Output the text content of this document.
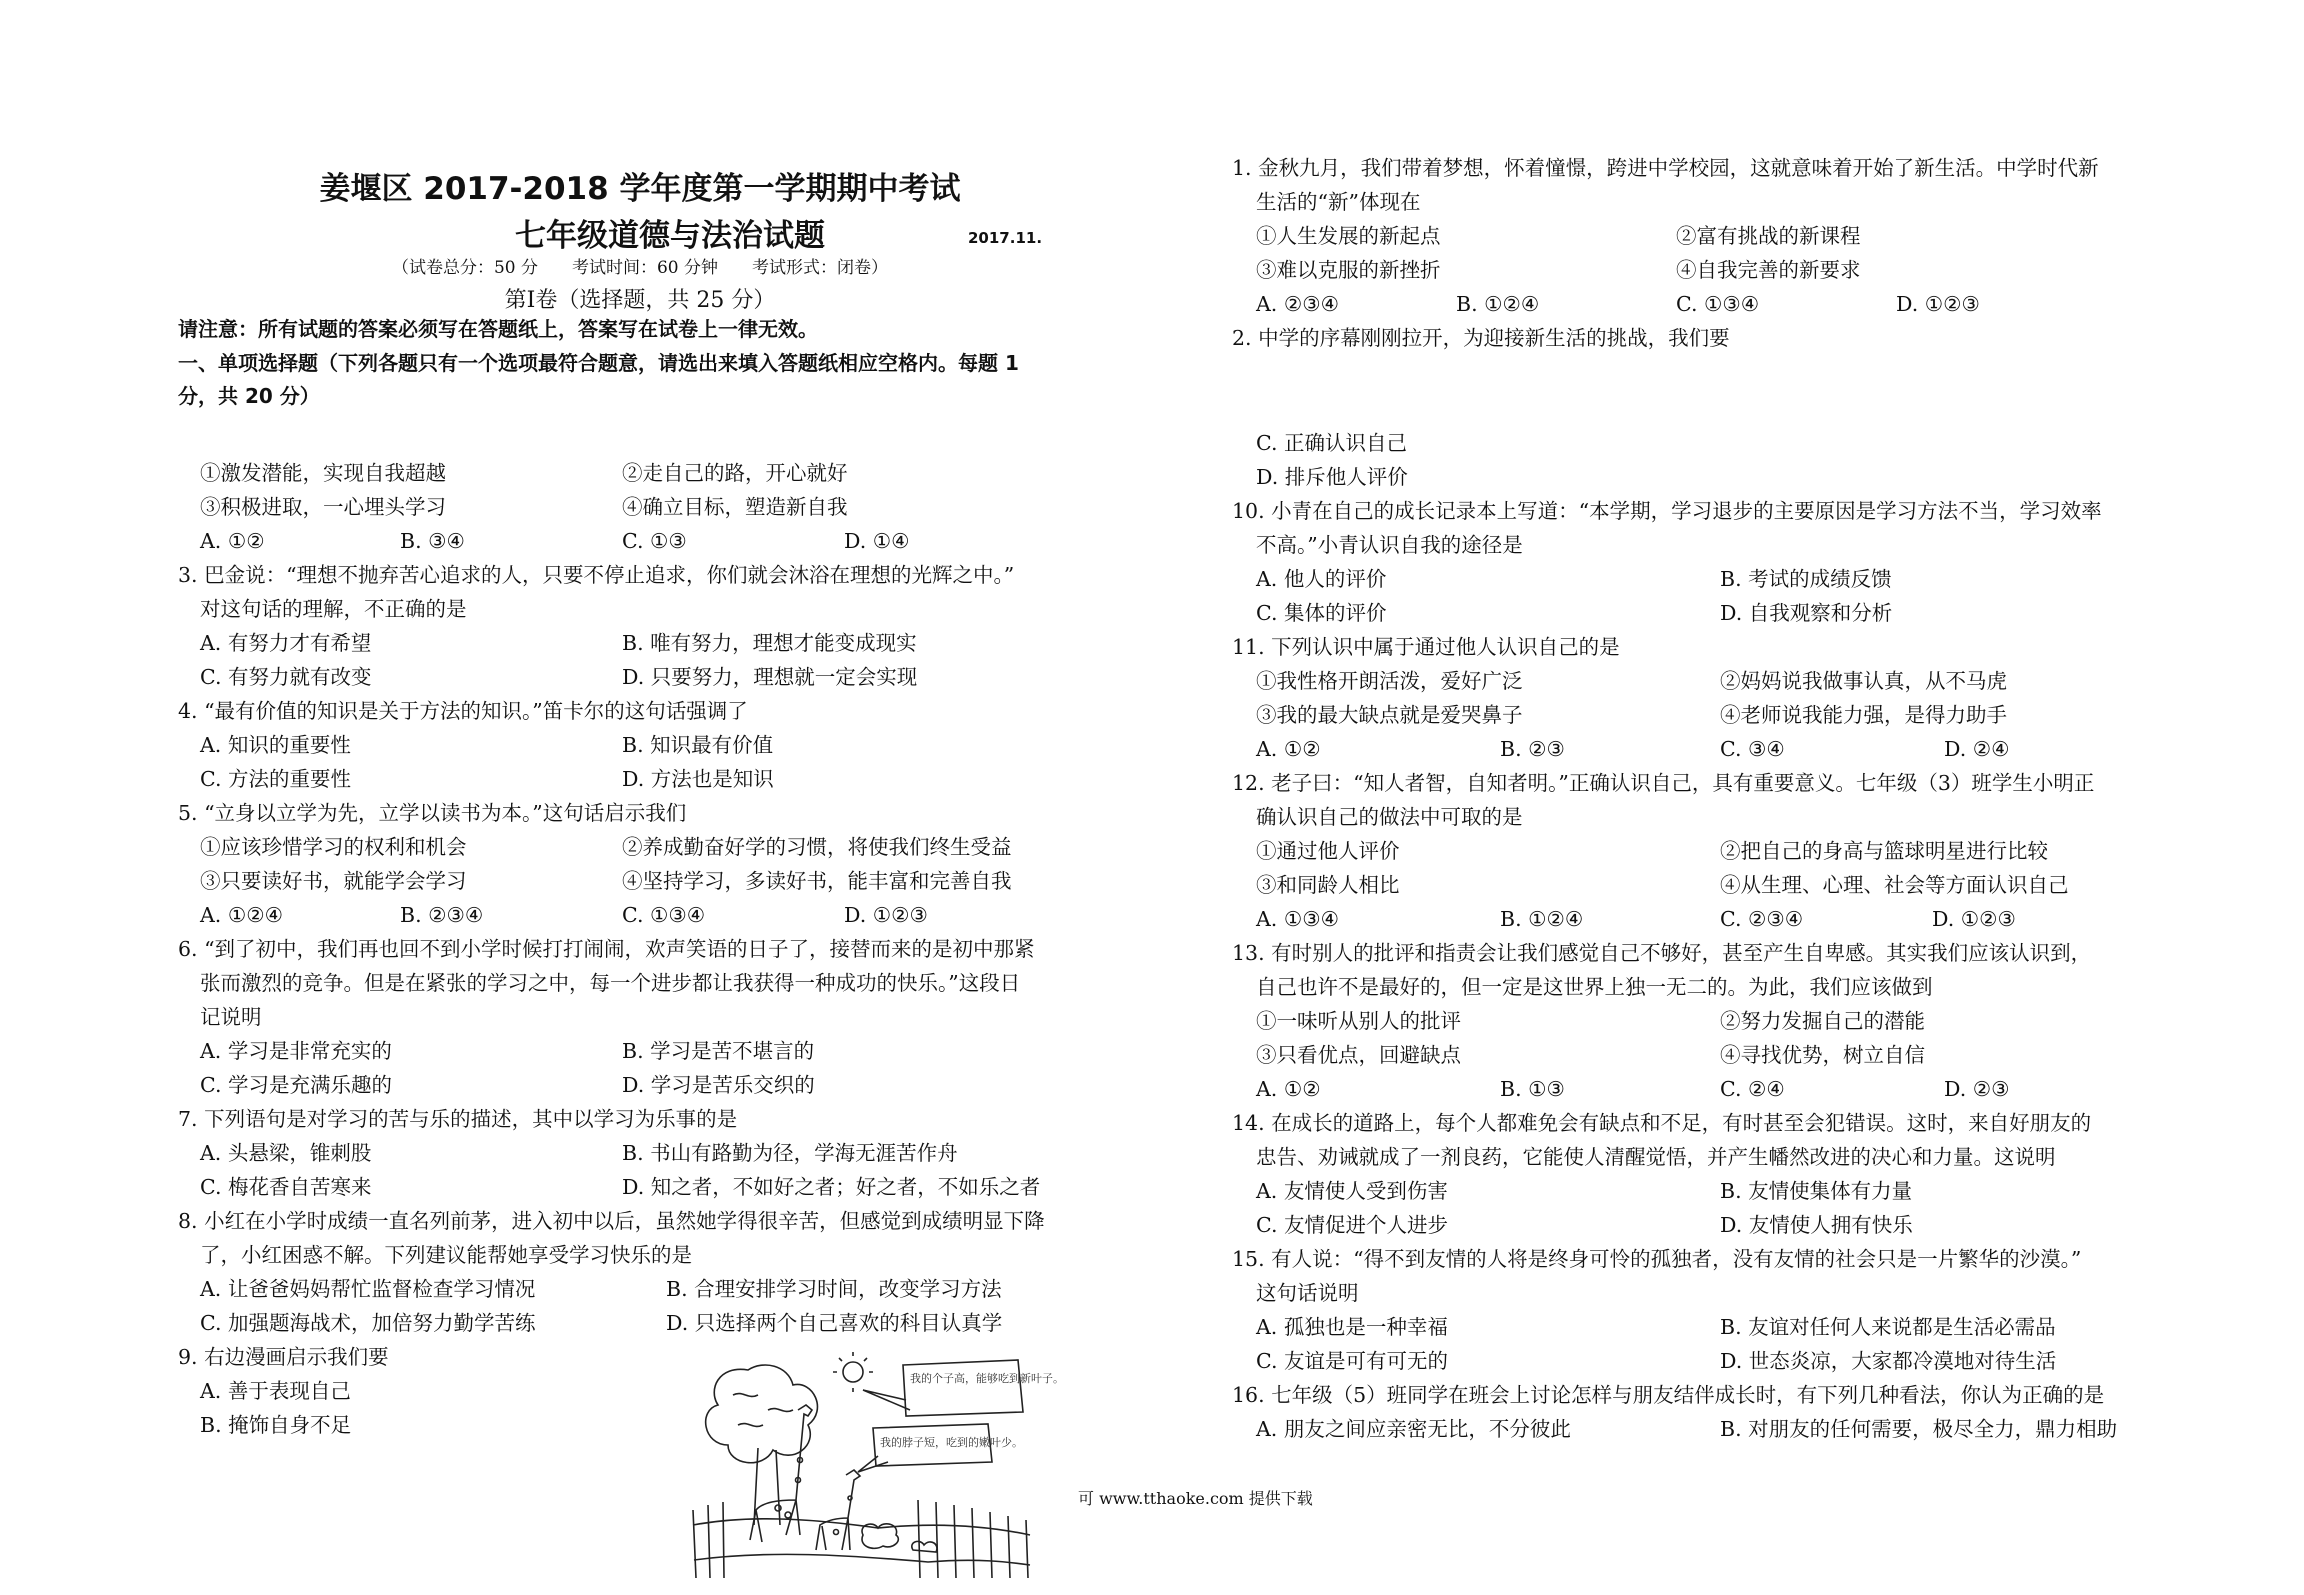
姜堰区 2017-2018 学年度第一学期期中考试
七年级道德与法治试题	2017.11.
（试卷总分：50 分　　考试时间：60 分钟　　考试形式：闭卷）
第Ⅰ卷（选择题，共 25 分）
请注意：所有试题的答案必须写在答题纸上，答案写在试卷上一律无效。
一、单项选择题（下列各题只有一个选项最符合题意，请选出来填入答题纸相应空格内。每题 1
分，共 20 分）
①激发潜能，实现自我超越	②走自己的路，开心就好
③积极进取，一心埋头学习	④确立目标，塑造新自我
A. ①②	B. ③④	C. ①③	D. ①④
3. 巴金说：“理想不抛弃苦心追求的人，只要不停止追求，你们就会沐浴在理想的光辉之中。”
对这句话的理解，不正确的是
A. 有努力才有希望	B. 唯有努力，理想才能变成现实
C. 有努力就有改变	D. 只要努力，理想就一定会实现
4. “最有价值的知识是关于方法的知识。”笛卡尔的这句话强调了
A. 知识的重要性	B. 知识最有价值
C. 方法的重要性	D. 方法也是知识
5. “立身以立学为先，立学以读书为本。”这句话启示我们
①应该珍惜学习的权利和机会	②养成勤奋好学的习惯，将使我们终生受益
③只要读好书，就能学会学习	④坚持学习，多读好书，能丰富和完善自我
A. ①②④	B. ②③④	C. ①③④	D. ①②③
6. “到了初中，我们再也回不到小学时候打打闹闹，欢声笑语的日子了，接替而来的是初中那紧
张而激烈的竞争。但是在紧张的学习之中，每一个进步都让我获得一种成功的快乐。”这段日
记说明
A. 学习是非常充实的	B. 学习是苦不堪言的
C. 学习是充满乐趣的	D. 学习是苦乐交织的
7. 下列语句是对学习的苦与乐的描述，其中以学习为乐事的是
A. 头悬梁，锥刺股	B. 书山有路勤为径，学海无涯苦作舟
C. 梅花香自苦寒来	D. 知之者，不如好之者；好之者，不如乐之者
8. 小红在小学时成绩一直名列前茅，进入初中以后，虽然她学得很辛苦，但感觉到成绩明显下降
了，小红困惑不解。下列建议能帮她享受学习快乐的是
A. 让爸爸妈妈帮忙监督检查学习情况	B. 合理安排学习时间，改变学习方法
C. 加强题海战术，加倍努力勤学苦练	D. 只选择两个自己喜欢的科目认真学
9. 右边漫画启示我们要
A. 善于表现自己
B. 掩饰自身不足
我的个子高，能够吃到新叶子。
我的脖子短，吃到的嫩叶少。
1. 金秋九月，我们带着梦想，怀着憧憬，跨进中学校园，这就意味着开始了新生活。中学时代新
生活的“新”体现在
①人生发展的新起点	②富有挑战的新课程
③难以克服的新挫折	④自我完善的新要求
A. ②③④	B. ①②④	C. ①③④	D. ①②③
2. 中学的序幕刚刚拉开，为迎接新生活的挑战，我们要
C. 正确认识自己
D. 排斥他人评价
10. 小青在自己的成长记录本上写道：“本学期，学习退步的主要原因是学习方法不当，学习效率
不高。”小青认识自我的途径是
A. 他人的评价	B. 考试的成绩反馈
C. 集体的评价	D. 自我观察和分析
11. 下列认识中属于通过他人认识自己的是
①我性格开朗活泼，爱好广泛	②妈妈说我做事认真，从不马虎
③我的最大缺点就是爱哭鼻子	④老师说我能力强，是得力助手
A. ①②	B. ②③	C. ③④	D. ②④
12. 老子曰：“知人者智，自知者明。”正确认识自己，具有重要意义。七年级（3）班学生小明正
确认识自己的做法中可取的是
①通过他人评价	②把自己的身高与篮球明星进行比较
③和同龄人相比	④从生理、心理、社会等方面认识自己
A. ①③④	B. ①②④	C. ②③④	D. ①②③
13. 有时别人的批评和指责会让我们感觉自己不够好，甚至产生自卑感。其实我们应该认识到，
自己也许不是最好的，但一定是这世界上独一无二的。为此，我们应该做到
①一味听从别人的批评	②努力发掘自己的潜能
③只看优点，回避缺点	④寻找优势，树立自信
A. ①②	B. ①③	C. ②④	D. ②③
14. 在成长的道路上，每个人都难免会有缺点和不足，有时甚至会犯错误。这时，来自好朋友的
忠告、劝诫就成了一剂良药，它能使人清醒觉悟，并产生幡然改进的决心和力量。这说明
A. 友情使人受到伤害	B. 友情使集体有力量
C. 友情促进个人进步	D. 友情使人拥有快乐
15. 有人说：“得不到友情的人将是终身可怜的孤独者，没有友情的社会只是一片繁华的沙漠。”
这句话说明
A. 孤独也是一种幸福	B. 友谊对任何人来说都是生活必需品
C. 友谊是可有可无的	D. 世态炎凉，大家都冷漠地对待生活
16. 七年级（5）班同学在班会上讨论怎样与朋友结伴成长时，有下列几种看法，你认为正确的是
A. 朋友之间应亲密无比，不分彼此	B. 对朋友的任何需要，极尽全力，鼎力相助
可 www.tthaoke.com 提供下载
